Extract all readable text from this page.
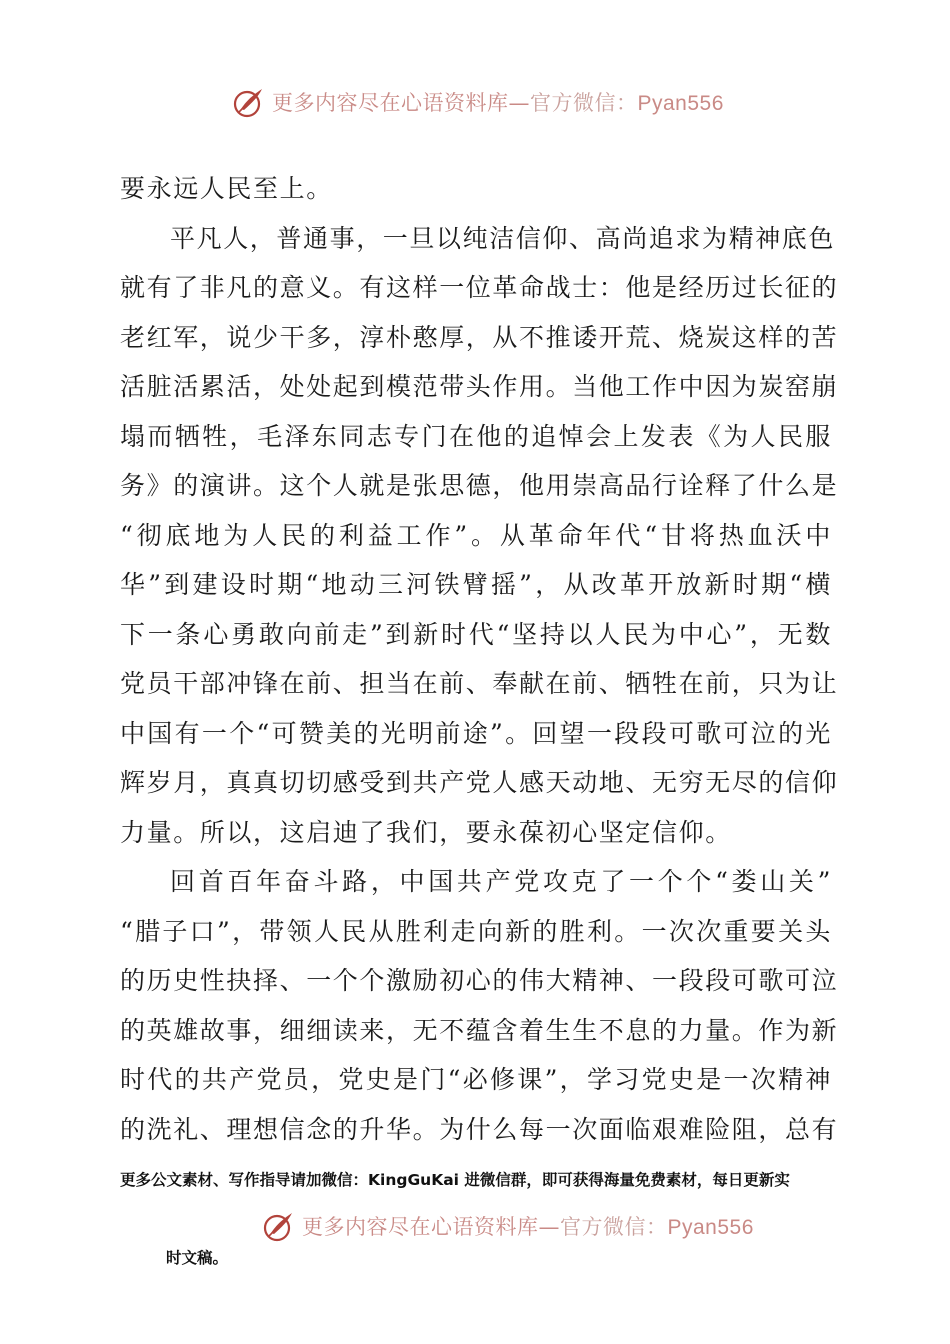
更多内容尽在心语资料库—官方微信：Pyan556
要永远人民至上。
平凡人，普通事，一旦以纯洁信仰、高尚追求为精神底色
就有了非凡的意义。有这样一位革命战士：他是经历过长征的
老红军，说少干多，淳朴憨厚，从不推诿开荒、烧炭这样的苦
活脏活累活，处处起到模范带头作用。当他工作中因为炭窑崩
塌而牺牲，毛泽东同志专门在他的追悼会上发表《为人民服
务》的演讲。这个人就是张思德，他用崇高品行诠释了什么是
“彻底地为人民的利益工作”。从革命年代“甘将热血沃中
华”到建设时期“地动三河铁臂摇”，从改革开放新时期“横
下一条心勇敢向前走”到新时代“坚持以人民为中心”，无数
党员干部冲锋在前、担当在前、奉献在前、牺牲在前，只为让
中国有一个“可赞美的光明前途”。回望一段段可歌可泣的光
辉岁月，真真切切感受到共产党人感天动地、无穷无尽的信仰
力量。所以，这启迪了我们，要永葆初心坚定信仰。
回首百年奋斗路，中国共产党攻克了一个个“娄山关”
“腊子口”，带领人民从胜利走向新的胜利。一次次重要关头
的历史性抉择、一个个激励初心的伟大精神、一段段可歌可泣
的英雄故事，细细读来，无不蕴含着生生不息的力量。作为新
时代的共产党员，党史是门“必修课”，学习党史是一次精神
的洗礼、理想信念的升华。为什么每一次面临艰难险阻，总有
更多公文素材、写作指导请加微信：KingGuKai 进微信群，即可获得海量免费素材，每日更新实
更多内容尽在心语资料库—官方微信：Pyan556
时文稿。
